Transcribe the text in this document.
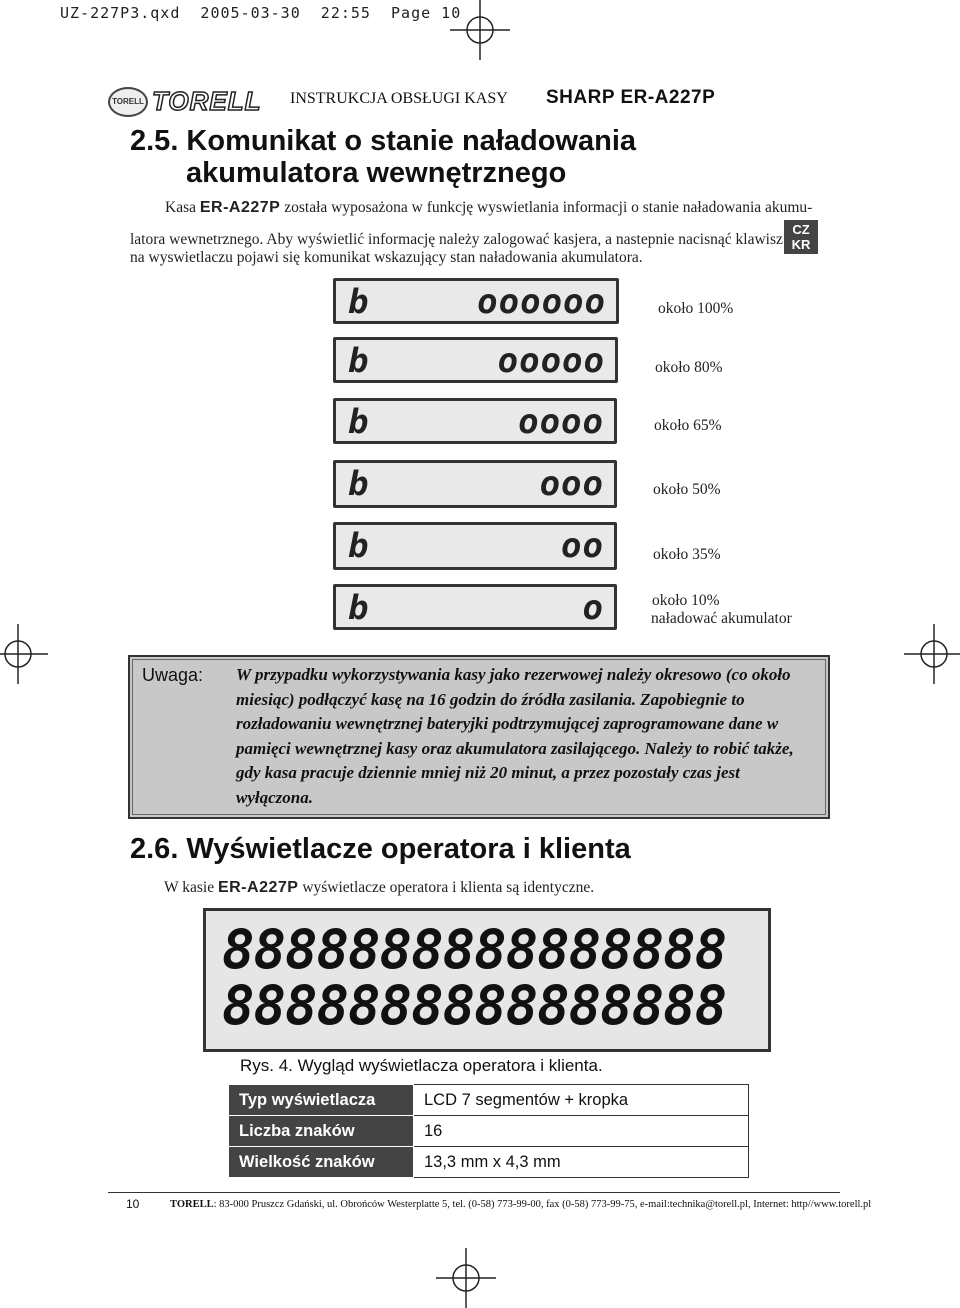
UZ-227P3.qxd  2005-03-30  22:55  Page 10
TORELL TORELL INSTRUKCJA OBSŁUGI KASY SHARP ER-A227P
2.5. Komunikat o stanie naładowania
akumulatora wewnętrznego
Kasa ER-A227P została wyposażona w funkcję wyswietlania informacji o stanie naładowania akumu-
latora wewnetrznego. Aby wyświetlić informację należy zalogować kasjera, a nastepnie nacisnąć klawisz
na wyswietlaczu pojawi się komunikat wskazujący stan naładowania akumulatora.
CZ
KR
b	oooooo	około 100%
b	ooooo	około 80%
b	oooo	około 65%
b	ooo	około 50%
b	oo	około 35%
b	o	około 10%
naładować akumulator
Uwaga: W przypadku wykorzystywania kasy jako rezerwowej należy okresowo (co około miesiąc) podłączyć kasę na 16 godzin do źródła zasilania. Zapobiegnie to rozładowaniu wewnętrznej bateryjki podtrzymującej zaprogramowane dane w pamięci wewnętrznej kasy oraz akumulatora zasilającego. Należy to robić także, gdy kasa pracuje dziennie mniej niż 20 minut, a przez pozostały czas jest wyłączona.
2.6. Wyświetlacze operatora i klienta
W kasie ER-A227P wyświetlacze operatora i klienta są identyczne.
8888888888888888
8888888888888888
Rys. 4. Wygląd wyświetlacza operatora i klienta.
Typ wyświetlacza	LCD 7 segmentów + kropka
Liczba znaków	16
Wielkość znaków	13,3 mm x 4,3 mm
10	TORELL: 83-000 Pruszcz Gdański, ul. Obrońców Westerplatte 5, tel. (0-58) 773-99-00, fax (0-58) 773-99-75, e-mail:technika@torell.pl, Internet: http//www.torell.pl
